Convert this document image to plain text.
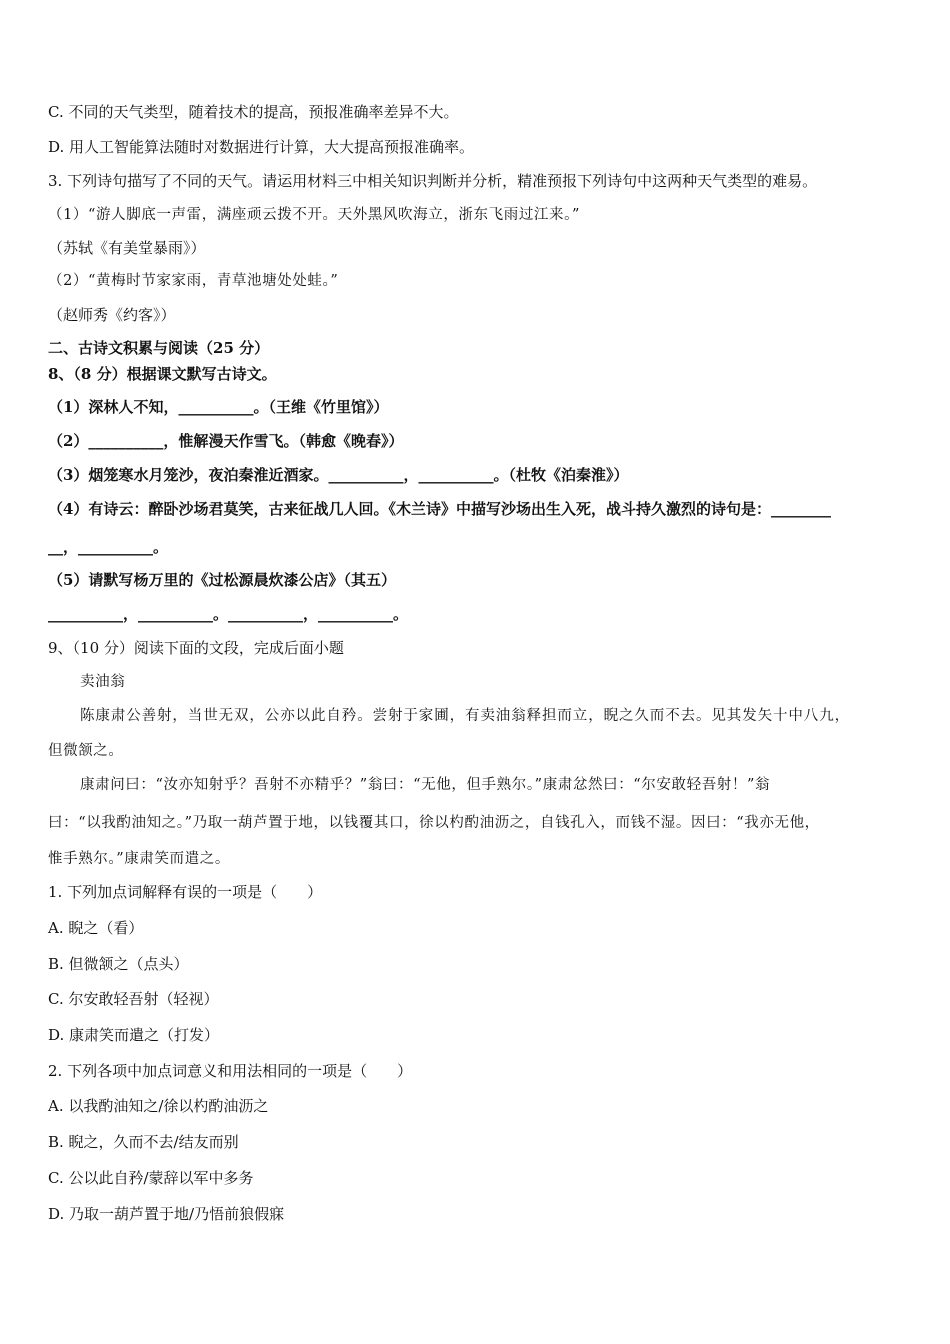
C. 不同的天气类型，随着技术的提高，预报准确率差异不大。
D. 用人工智能算法随时对数据进行计算，大大提高预报准确率。
3. 下列诗句描写了不同的天气。请运用材料三中相关知识判断并分析，精准预报下列诗句中这两种天气类型的难易。
（1）“游人脚底一声雷，满座顽云拨不开。天外黑风吹海立，浙东飞雨过江来。”
（苏轼《有美堂暴雨》）
（2）“黄梅时节家家雨，青草池塘处处蛙。”
（赵师秀《约客》）
二、古诗文积累与阅读（25 分）
8、（8 分）根据课文默写古诗文。
（1）深林人不知，__________。（王维《竹里馆》）
（2）__________，惟解漫天作雪飞。（韩愈《晚春》）
（3）烟笼寒水月笼沙，夜泊秦淮近酒家。__________，__________。（杜牧《泊秦淮》）
（4）有诗云：醉卧沙场君莫笑，古来征战几人回。《木兰诗》中描写沙场出生入死，战斗持久激烈的诗句是：________
__，__________。
（5）请默写杨万里的《过松源晨炊漆公店》（其五）
__________，__________。__________，__________。
9、（10 分）阅读下面的文段，完成后面小题
卖油翁
陈康肃公善射，当世无双，公亦以此自矜。尝射于家圃，有卖油翁释担而立，睨之久而不去。见其发矢十中八九，
但微颔之。
康肃问曰：“汝亦知射乎？吾射不亦精乎？”翁曰：“无他，但手熟尔。”康肃忿然曰：“尔安敢轻吾射！”翁
曰：“以我酌油知之。”乃取一葫芦置于地，以钱覆其口，徐以杓酌油沥之，自钱孔入，而钱不湿。因曰：“我亦无他，
惟手熟尔。”康肃笑而遣之。
1. 下列加点词解释有误的一项是（　　）
A. 睨之（看）
B. 但微颔之（点头）
C. 尔安敢轻吾射（轻视）
D. 康肃笑而遣之（打发）
2. 下列各项中加点词意义和用法相同的一项是（　　）
A. 以我酌油知之/徐以杓酌油沥之
B. 睨之，久而不去/结友而别
C. 公以此自矜/蒙辞以军中多务
D. 乃取一葫芦置于地/乃悟前狼假寐
